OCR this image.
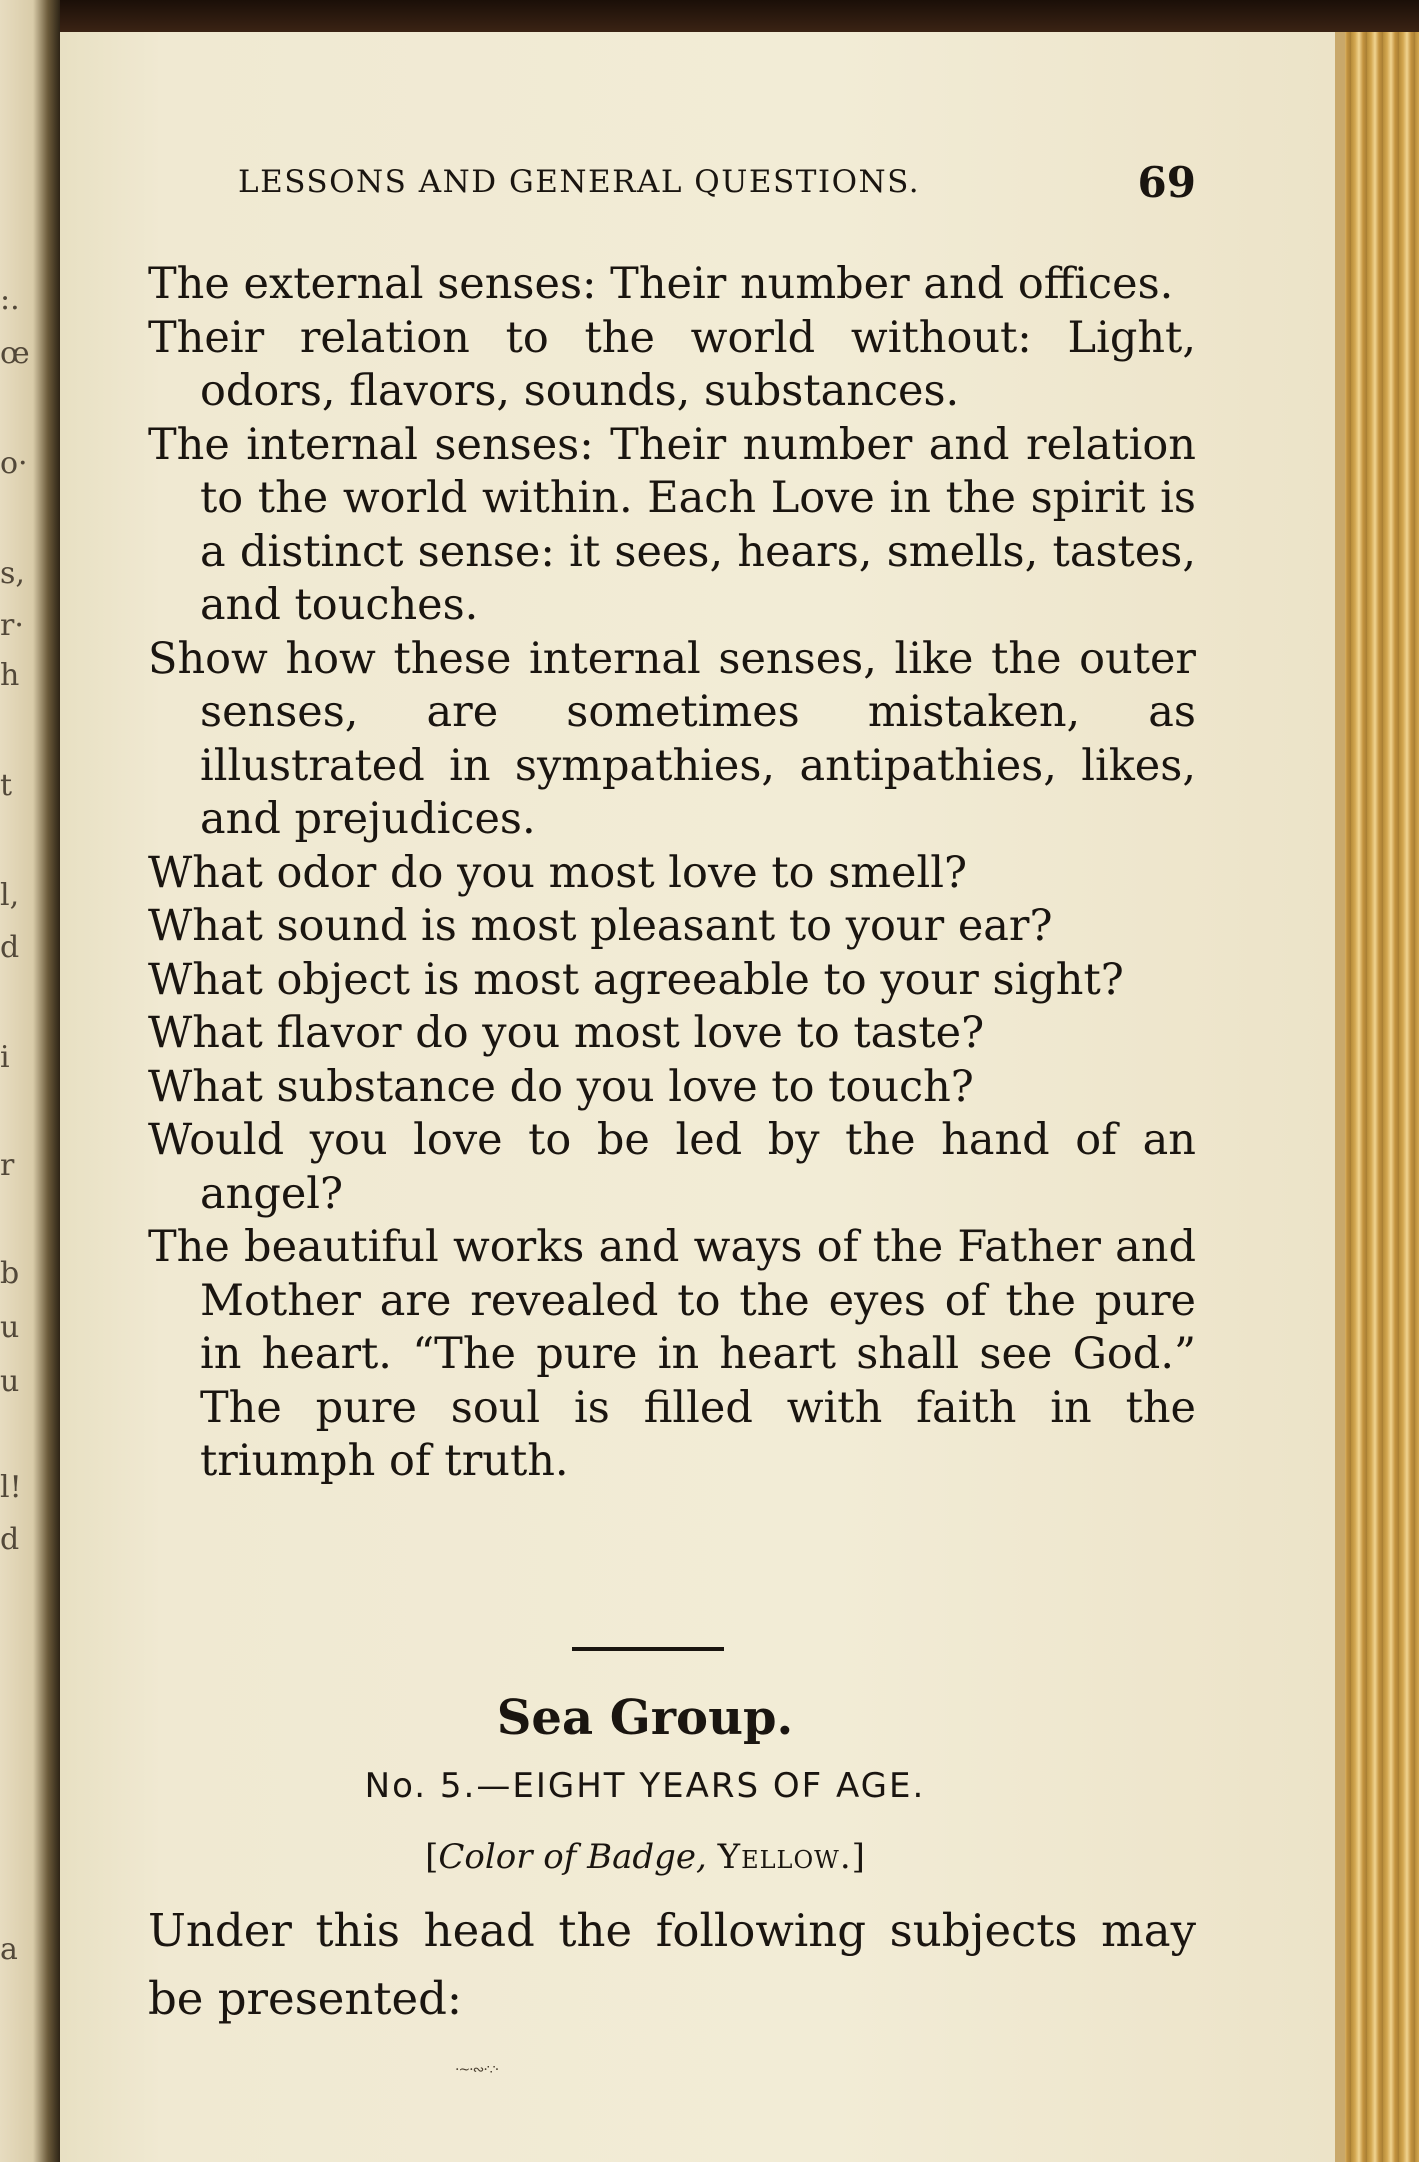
:.
œ
o·
s,
r·
h
t
l,
d
i
r
b
u
u
l!
d
a
LESSONS AND GENERAL QUESTIONS.	69

The external senses: Their number and offices.

Their relation to the world without: Light, odors, flavors, sounds, substances.

The internal senses: Their number and relation to the world within. Each Love in the spirit is a distinct sense: it sees, hears, smells, tastes, and touches.

Show how these internal senses, like the outer senses, are sometimes mistaken, as illustrated in sympathies, antipathies, likes, and prejudices.

What odor do you most love to smell?

What sound is most pleasant to your ear?

What object is most agreeable to your sight?

What flavor do you most love to taste?

What substance do you love to touch?

Would you love to be led by the hand of an angel?

The beautiful works and ways of the Father and Mother are revealed to the eyes of the pure in heart. “The pure in heart shall see God.” The pure soul is filled with faith in the triumph of truth.

Sea Group.
No. 5.—EIGHT YEARS OF AGE.
[Color of Badge, Yellow.]
Under this head the following subjects may be presented:
·~·∾·∵·
